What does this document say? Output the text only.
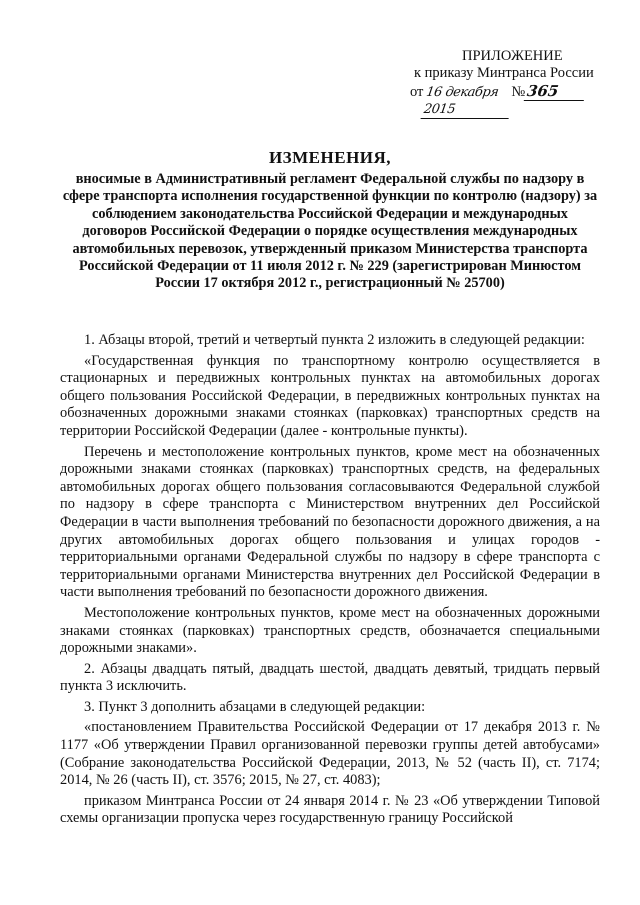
ПРИЛОЖЕНИЕ
к приказу Минтранса России
от 16 декабря 2015
№ 365
ИЗМЕНЕНИЯ,
вносимые в Административный регламент Федеральной службы по надзору в сфере транспорта исполнения государственной функции по контролю (надзору) за соблюдением законодательства Российской Федерации и международных договоров Российской Федерации о порядке осуществления международных автомобильных перевозок, утвержденный приказом Министерства транспорта Российской Федерации от 11 июля 2012 г. № 229 (зарегистрирован Минюстом России 17 октября 2012 г., регистрационный № 25700)

1. Абзацы второй, третий и четвертый пункта 2 изложить в следующей редакции:

«Государственная функция по транспортному контролю осуществляется в стационарных и передвижных контрольных пунктах на автомобильных дорогах общего пользования Российской Федерации, в передвижных контрольных пунктах на обозначенных дорожными знаками стоянках (парковках) транспортных средств на территории Российской Федерации (далее - контрольные пункты).

Перечень и местоположение контрольных пунктов, кроме мест на обозначенных дорожными знаками стоянках (парковках) транспортных средств, на федеральных автомобильных дорогах общего пользования согласовываются Федеральной службой по надзору в сфере транспорта с Министерством внутренних дел Российской Федерации в части выполнения требований по безопасности дорожного движения, а на других автомобильных дорогах общего пользования и улицах городов - территориальными органами Федеральной службы по надзору в сфере транспорта с территориальными органами Министерства внутренних дел Российской Федерации в части выполнения требований по безопасности дорожного движения.

Местоположение контрольных пунктов, кроме мест на обозначенных дорожными знаками стоянках (парковках) транспортных средств, обозначается специальными дорожными знаками».

2. Абзацы двадцать пятый, двадцать шестой, двадцать девятый, тридцать первый пункта 3 исключить.

3. Пункт 3 дополнить абзацами в следующей редакции:

«постановлением Правительства Российской Федерации от 17 декабря 2013 г. № 1177 «Об утверждении Правил организованной перевозки группы детей автобусами» (Собрание законодательства Российской Федерации, 2013, № 52 (часть II), ст. 7174; 2014, № 26 (часть II), ст. 3576; 2015, № 27, ст. 4083);

приказом Минтранса России от 24 января 2014 г. № 23 «Об утверждении Типовой схемы организации пропуска через государственную границу Российской
